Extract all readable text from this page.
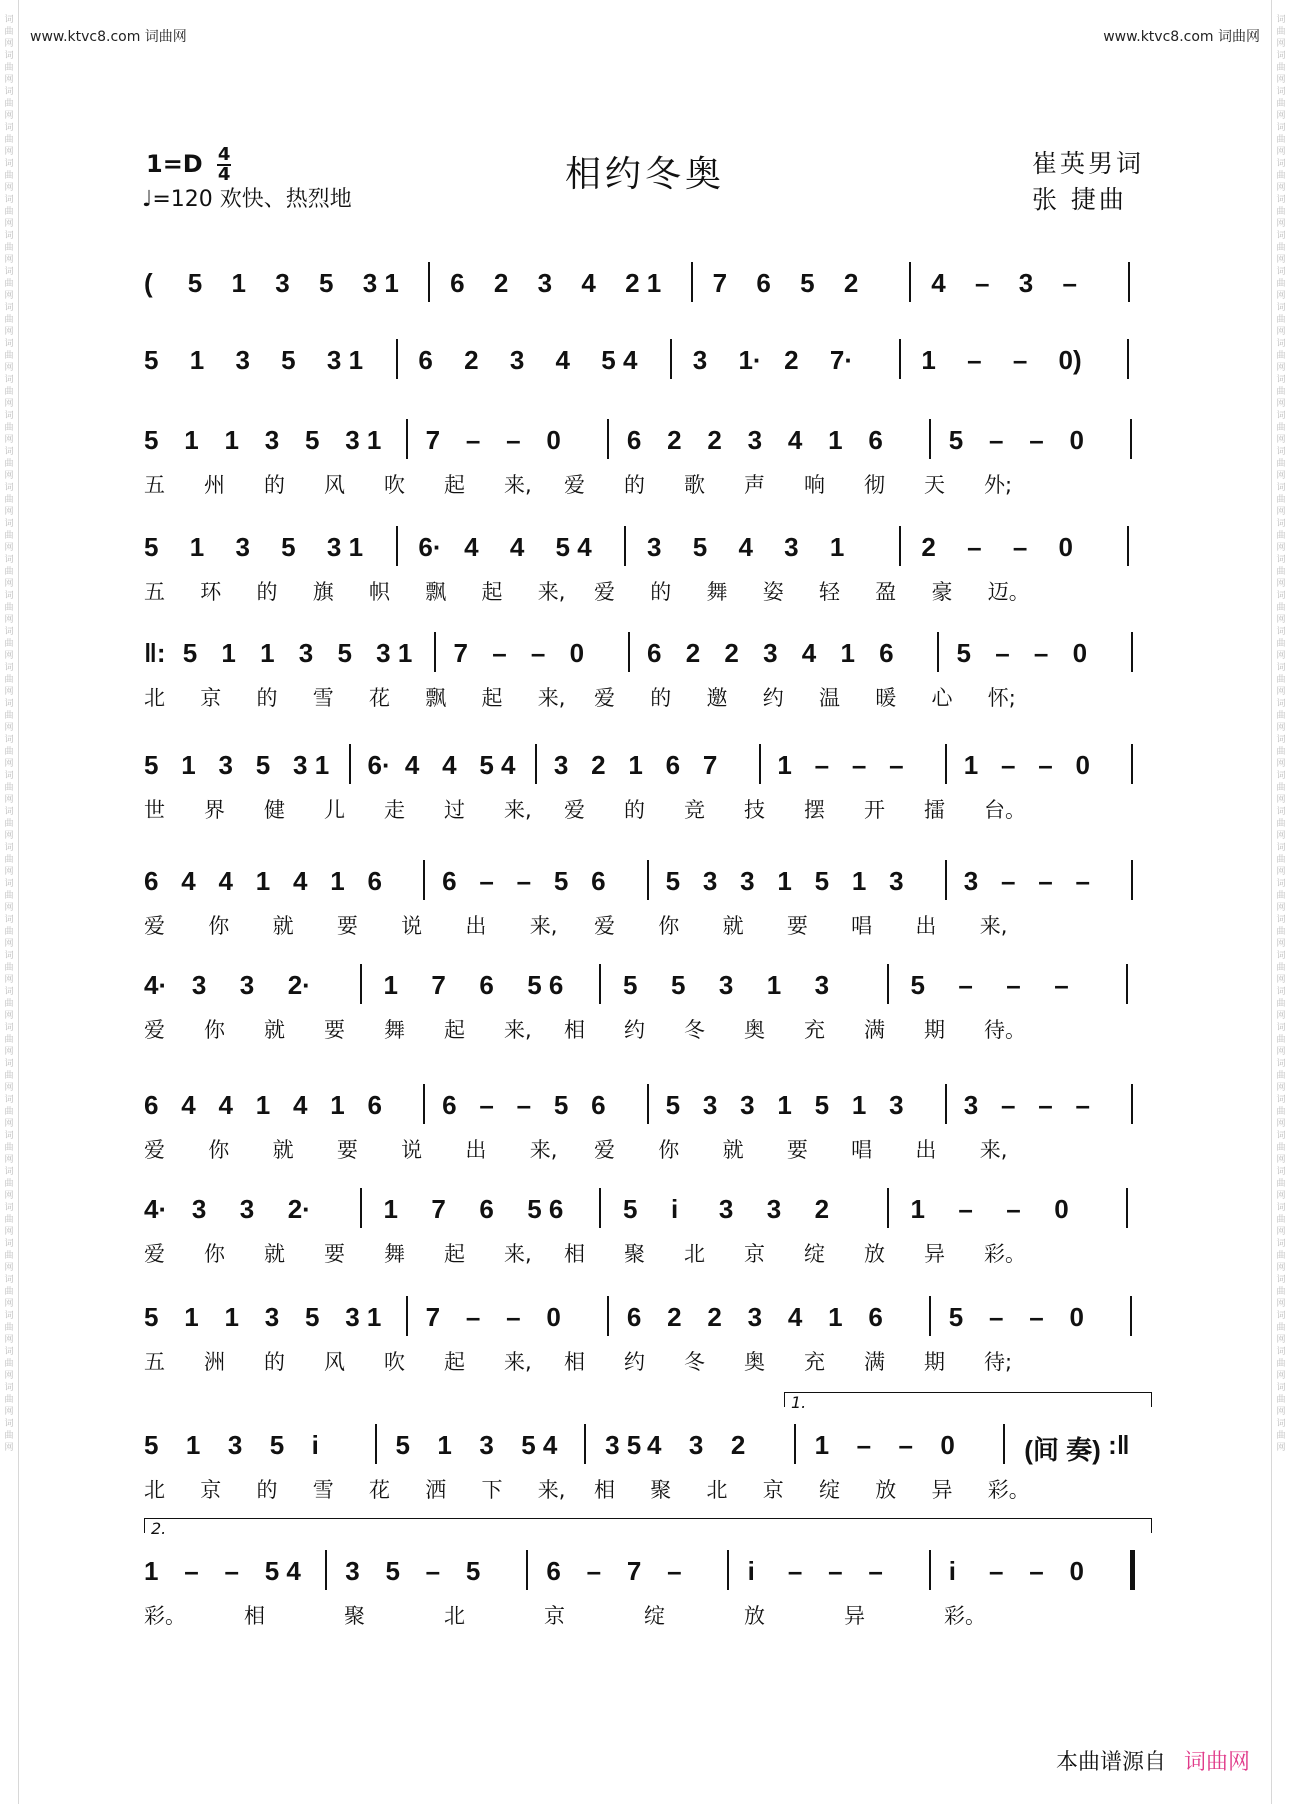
词曲网 词曲网 词曲网 词曲网 词曲网 词曲网 词曲网 词曲网 词曲网 词曲网 词曲网 词曲网 词曲网 词曲网 词曲网 词曲网 词曲网 词曲网 词曲网 词曲网 词曲网 词曲网 词曲网 词曲网 词曲网 词曲网 词曲网 词曲网 词曲网 词曲网 词曲网 词曲网 词曲网 词曲网 词曲网 词曲网 词曲网 词曲网 词曲网 词曲网
词曲网 词曲网 词曲网 词曲网 词曲网 词曲网 词曲网 词曲网 词曲网 词曲网 词曲网 词曲网 词曲网 词曲网 词曲网 词曲网 词曲网 词曲网 词曲网 词曲网 词曲网 词曲网 词曲网 词曲网 词曲网 词曲网 词曲网 词曲网 词曲网 词曲网 词曲网 词曲网 词曲网 词曲网 词曲网 词曲网 词曲网 词曲网 词曲网 词曲网
www.ktvc8.com 词曲网	www.ktvc8.com 词曲网
$1=D \frac{4}{4}$
♩=120 欢快、热烈地
相约冬奥	崔英男词
张 捷曲
( 5 1 3 5 3 1 6 2 3 4 2 1 7 6 5 2	4 – 3 –
5 1 3 5 3 1 6 2 3 4 5 4 3 1· 2 7·	1 – – 0)
5 1 1 3 5 3 1 7 – – 0	6 2 2 3 4 1 6	5 – – 0
五 州 的 风 吹 起 来, 爱 的 歌 声 响 彻 天 外;
5 1 3 5 3 1 6· 4 4 5 4 3 5 4 3 1	2 – – 0
五 环 的 旗 帜 飘 起 来, 爱 的 舞 姿 轻 盈 豪 迈。
‖: 5 1 1 3 5 3 1 7 – – 0 6 2 2 3 4 1 6 5 – – 0
北 京 的 雪 花 飘 起 来, 爱 的 邀 约 温 暖 心 怀;
5 1 3 5 3 1 6· 4 4 5 4 3 2 1 6 7 1 – – – 1 – – 0
世 界 健 儿 走 过 来, 爱 的 竞 技 摆 开 擂 台。
6 4 4 1 4 1 6 6 – – 5 6 5 3 3 1 5 1 3 3 – – –
爱 你 就 要 说 出 来, 爱 你 就 要 唱 出 来,
4· 3 3 2·	1 7 6 5 6 5 5 3 1 3	5 – – –
爱 你 就 要 舞 起 来, 相 约 冬 奥 充 满 期 待。
6 4 4 1 4 1 6 6 – – 5 6 5 3 3 1 5 1 3 3 – – –
爱 你 就 要 说 出 来, 爱 你 就 要 唱 出 来,
4· 3 3 2·	1 7 6 5 6 5 i 3 3 2	1 – – 0
爱 你 就 要 舞 起 来, 相 聚 北 京 绽 放 异 彩。
5 1 1 3 5 3 1 7 – – 0	6 2 2 3 4 1 6	5 – – 0
五 洲 的 风 吹 起 来, 相 约 冬 奥 充 满 期 待;
5 1 3 5 i	5 1 3 5 4 3 5 4 3 2	1 – – 0	(间 奏) :‖
北 京 的 雪 花 洒 下 来, 相 聚 北 京 绽 放 异 彩。
1.
1 – – 5 4 3 5 – 5	6 – 7 –	i – – –	i – – 0
彩。	相	聚	北	京	绽	放	异	彩。
2.
本曲谱源自 词曲网
